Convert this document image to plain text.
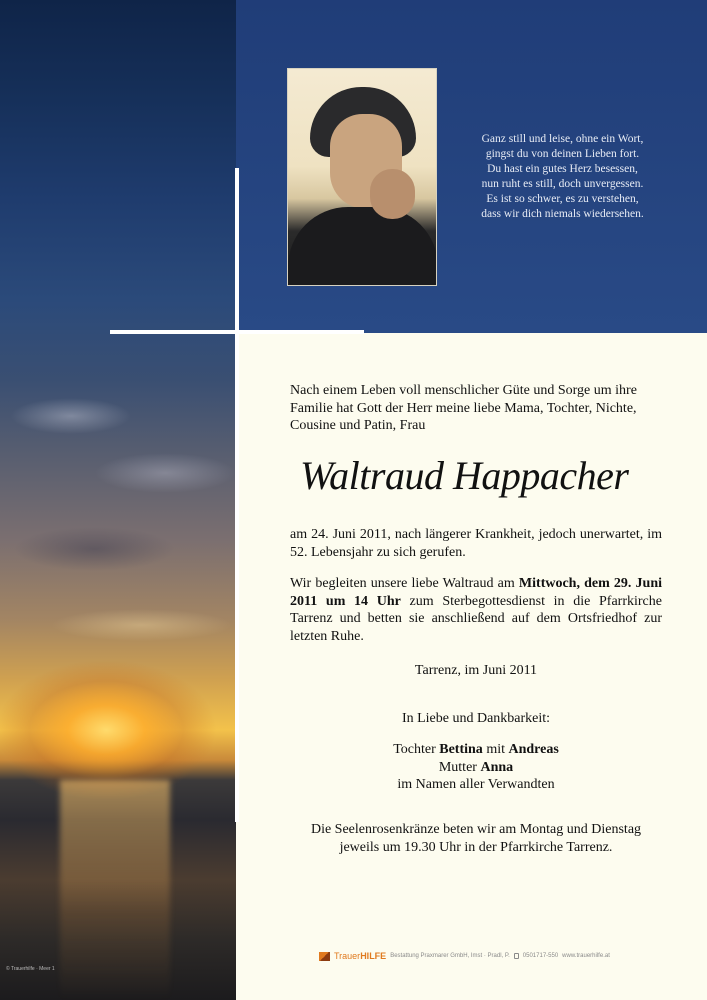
© Trauerhilfe · Meer 1
Ganz still und leise, ohne ein Wort,
gingst du von deinen Lieben fort.
Du hast ein gutes Herz besessen,
nun ruht es still, doch unvergessen.
Es ist so schwer, es zu verstehen,
dass wir dich niemals wiedersehen.
Nach einem Leben voll menschlicher Güte und Sorge um ihre Familie hat Gott der Herr meine liebe Mama, Tochter, Nichte, Cousine und Patin, Frau
Waltraud Happacher
am 24. Juni 2011, nach längerer Krankheit, jedoch unerwartet, im 52. Lebensjahr zu sich gerufen.
Wir begleiten unsere liebe Waltraud am Mittwoch, dem 29. Juni 2011 um 14 Uhr zum Sterbegottesdienst in die Pfarrkirche Tarrenz und betten sie anschließend auf dem Ortsfriedhof zur letzten Ruhe.
Tarrenz, im Juni 2011
In Liebe und Dankbarkeit:
Tochter Bettina mit Andreas
Mutter Anna
im Namen aller Verwandten
Die Seelenrosenkränze beten wir am Montag und Dienstag jeweils um 19.30 Uhr in der Pfarrkirche Tarrenz.
TrauerHILFE Bestattung Praxmarer GmbH, Imst · Pradl, P. 0501717-550 www.trauerhilfe.at
